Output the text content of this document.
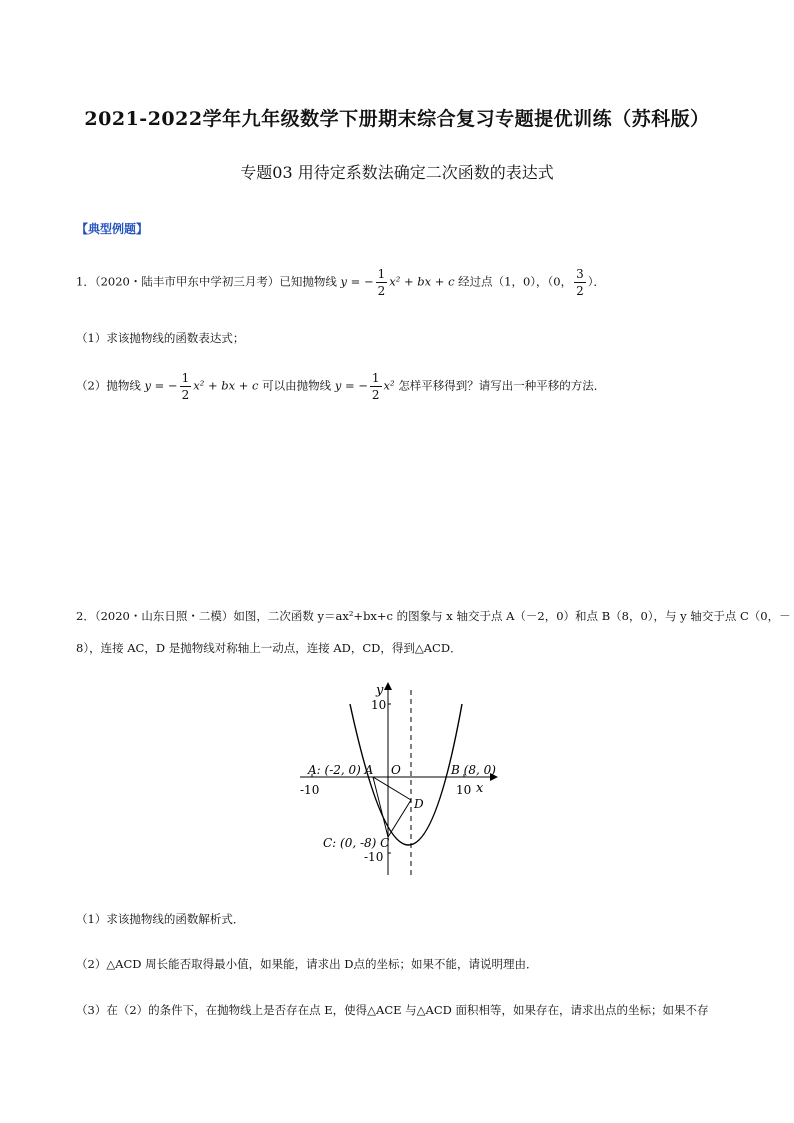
2021-2022学年九年级数学下册期末综合复习专题提优训练（苏科版）
专题03 用待定系数法确定二次函数的表达式
【典型例题】
1．（2020・陆丰市甲东中学初三月考）已知抛物线 y = − $\frac{1}{2} x^2$ + bx + c 经过点（1，0），（0， $\frac{3}{2}$ ）．
（1）求该抛物线的函数表达式；
（2）抛物线 y = − $\frac{1}{2} x^2$ + bx + c 可以由抛物线 y = − $\frac{1}{2} x^2$ 怎样平移得到？请写出一种平移的方法．
2．（2020・山东日照・二模）如图，二次函数 y＝ax²+bx+c 的图象与 x 轴交于点 A（－2，0）和点 B（8，0），与 y 轴交于点 C（0，－
8），连接 AC，D 是抛物线对称轴上一动点，连接 AD，CD，得到△ACD．
y
x
10
-10
-10	10
O
A: (-2, 0) A	B (8, 0)
C: (0, -8) C
D
（1）求该抛物线的函数解析式．
（2）△ACD 周长能否取得最小值，如果能，请求出 D点的坐标；如果不能，请说明理由．
（3）在（2）的条件下，在抛物线上是否存在点 E，使得△ACE 与△ACD 面积相等，如果存在，请求出点的坐标；如果不存
